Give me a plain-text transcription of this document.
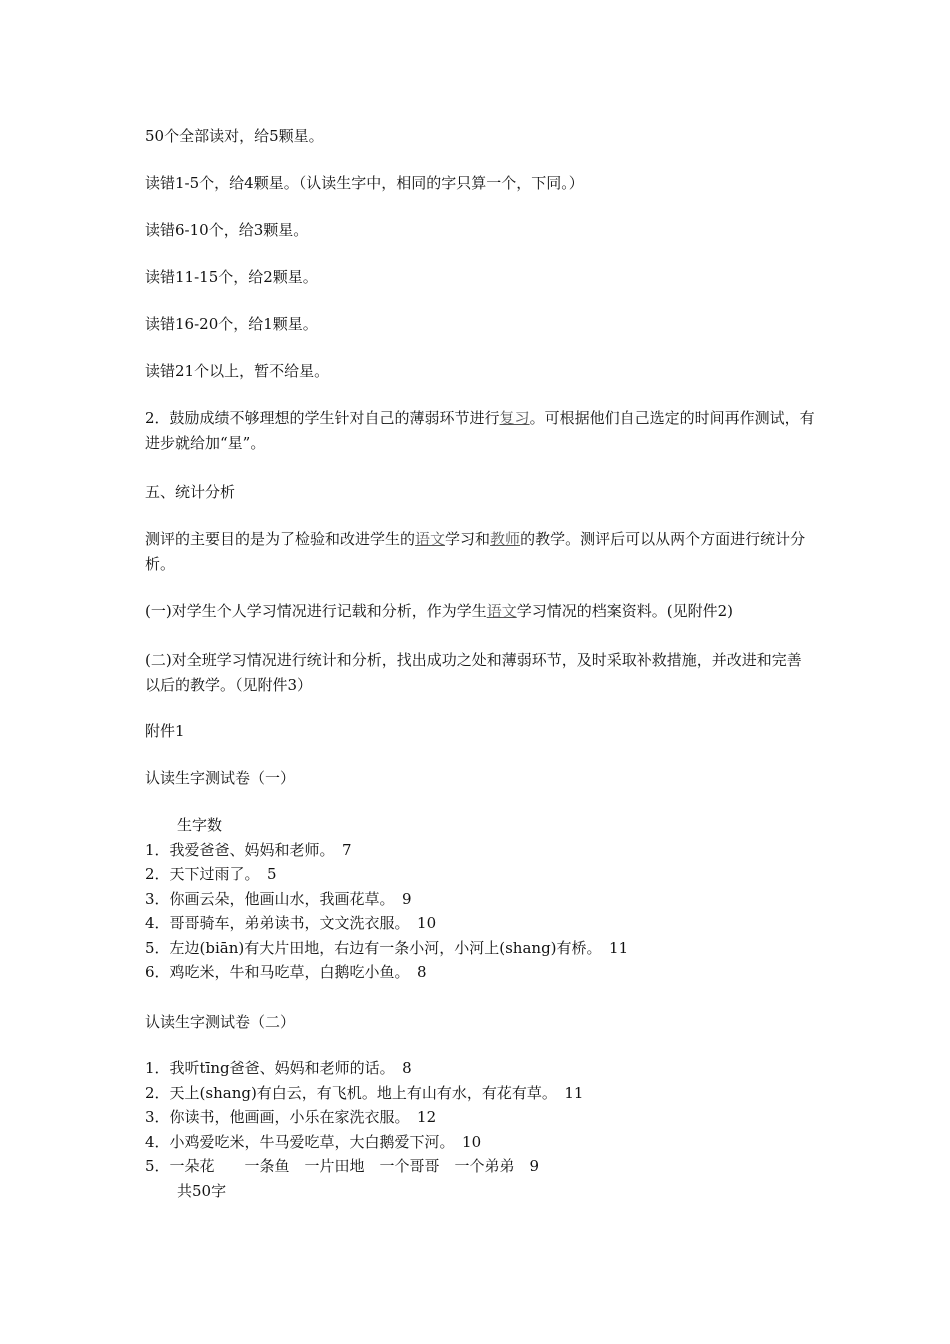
50个全部读对，给5颗星。
读错1-5个，给4颗星。（认读生字中，相同的字只算一个，下同。）
读错6-10个，给3颗星。
读错11-15个，给2颗星。
读错16-20个，给1颗星。
读错21个以上，暂不给星。
2．鼓励成绩不够理想的学生针对自己的薄弱环节进行复习。可根据他们自己选定的时间再作测试，有进步就给加“星”。
五、统计分析
测评的主要目的是为了检验和改进学生的语文学习和教师的教学。测评后可以从两个方面进行统计分析。
(一)对学生个人学习情况进行记载和分析，作为学生语文学习情况的档案资料。(见附件2)
(二)对全班学习情况进行统计和分析，找出成功之处和薄弱环节，及时采取补救措施，并改进和完善以后的教学。（见附件3）
附件1
认读生字测试卷（一）
生字数
1．我爱爸爸、妈妈和老师。　7
2．天下过雨了。　5
3．你画云朵，他画山水，我画花草。　9
4．哥哥骑车，弟弟读书，文文洗衣服。　10
5．左边(biān)有大片田地，右边有一条小河，小河上(shang)有桥。　11
6．鸡吃米，牛和马吃草，白鹅吃小鱼。　8
认读生字测试卷（二）
1．我听tīng爸爸、妈妈和老师的话。　8
2．天上(shang)有白云，有飞机。地上有山有水，有花有草。　11
3．你读书，他画画，小乐在家洗衣服。　12
4．小鸡爱吃米，牛马爱吃草，大白鹅爱下河。　10
5．一朵花　　一条鱼　一片田地　一个哥哥　一个弟弟　9
共50字
